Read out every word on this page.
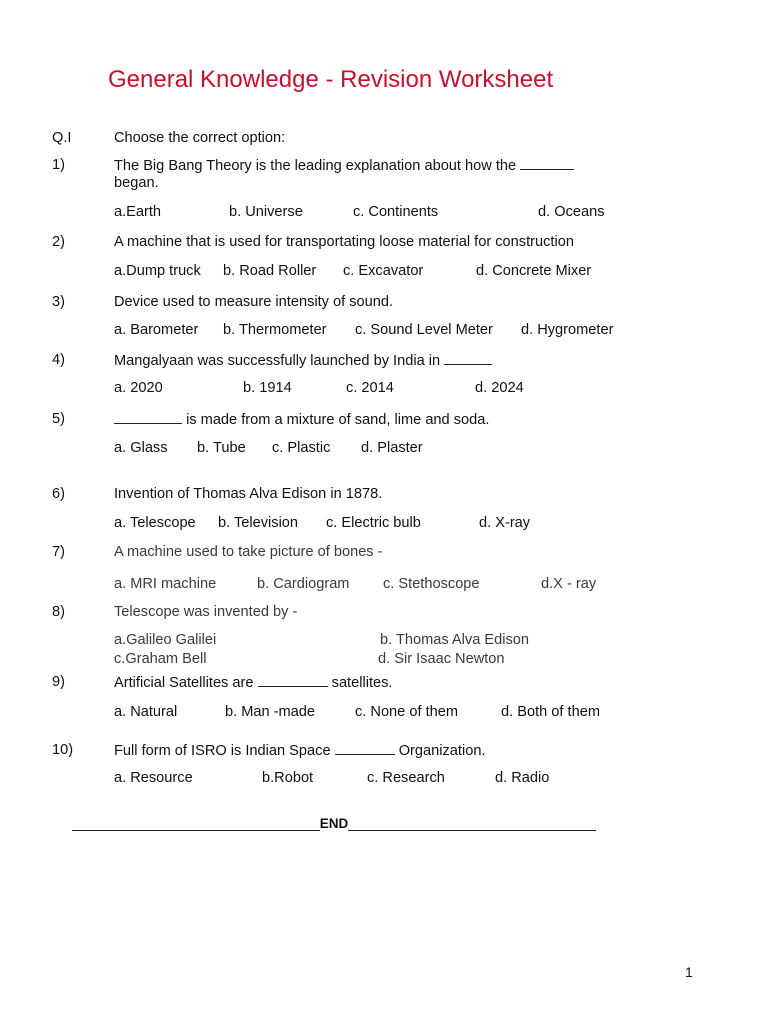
General Knowledge - Revision Worksheet
Q.I	Choose the correct option:
1)	The Big Bang Theory is the leading explanation about how the
began.
a.Earth	b. Universe	c. Continents	d. Oceans
2)	A machine that is used for transportating loose material for construction
a.Dump truck b. Road Roller c. Excavator	d. Concrete Mixer
3)	Device used to measure intensity of sound.
a. Barometer b. Thermometer c. Sound Level Meter d. Hygrometer
4)	Mangalyaan was successfully launched by India in
a. 2020	b. 1914	c. 2014	d. 2024
5)	is made from a mixture of sand, lime and soda.
a. Glass b. Tube c. Plastic d. Plaster
6)	Invention of Thomas Alva Edison in 1878.
a. Telescope b. Television c. Electric bulb	d. X-ray
7)	A machine used to take picture of bones -
a. MRI machine	b. Cardiogram c. Stethoscope	d.X - ray
8)	Telescope was invented by -
a.Galileo Galilei	b. Thomas Alva Edison
c.Graham Bell	d. Sir Isaac Newton
9)	Artificial Satellites are	satellites.
a. Natural	b. Man -made	c. None of them	d. Both of them
10)	Full form of ISRO is Indian Space	Organization.
a. Resource	b.Robot	c. Research	d. Radio
END
1
